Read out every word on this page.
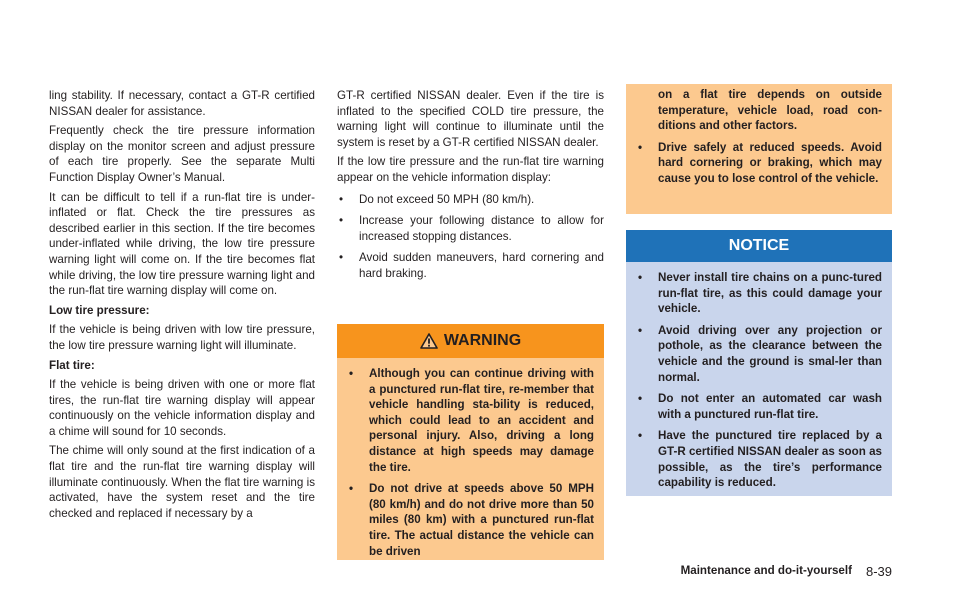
ling stability. If necessary, contact a GT-R certified NISSAN dealer for assistance.

Frequently check the tire pressure information display on the monitor screen and adjust pressure of each tire properly. See the separate Multi Function Display Owner’s Manual.

It can be difficult to tell if a run-flat tire is under-inflated or flat. Check the tire pressures as described earlier in this section. If the tire becomes under-inflated while driving, the low tire pressure warning light will come on. If the tire becomes flat while driving, the low tire pressure warning light and the run-flat tire warning display will come on.

Low tire pressure:

If the vehicle is being driven with low tire pressure, the low tire pressure warning light will illuminate.

Flat tire:

If the vehicle is being driven with one or more flat tires, the run-flat tire warning display will appear continuously on the vehicle information display and a chime will sound for 10 seconds.

The chime will only sound at the first indication of a flat tire and the run-flat tire warning display will illuminate continuously. When the flat tire warning is activated, have the system reset and the tire checked and replaced if necessary by a

GT-R certified NISSAN dealer. Even if the tire is inflated to the specified COLD tire pressure, the warning light will continue to illuminate until the system is reset by a GT-R certified NISSAN dealer.

If the low tire pressure and the run-flat tire warning appear on the vehicle information display:

• Do not exceed 50 MPH (80 km/h).
• Increase your following distance to allow for increased stopping distances.
• Avoid sudden maneuvers, hard cornering and hard braking.
WARNING
• Although you can continue driving with a punctured run-flat tire, re-member that vehicle handling sta-bility is reduced, which could lead to an accident and personal injury. Also, driving a long distance at high speeds may damage the tire.
• Do not drive at speeds above 50 MPH (80 km/h) and do not drive more than 50 miles (80 km) with a punctured run-flat tire. The actual distance the vehicle can be driven

on a flat tire depends on outside temperature, vehicle load, road con-ditions and other factors.

• Drive safely at reduced speeds. Avoid hard cornering or braking, which may cause you to lose control of the vehicle.
NOTICE
• Never install tire chains on a punc-tured run-flat tire, as this could damage your vehicle.
• Avoid driving over any projection or pothole, as the clearance between the vehicle and the ground is smal-ler than normal.
• Do not enter an automated car wash with a punctured run-flat tire.
• Have the punctured tire replaced by a GT-R certified NISSAN dealer as soon as possible, as the tire’s performance capability is reduced.
Maintenance and do-it-yourself 8-39
